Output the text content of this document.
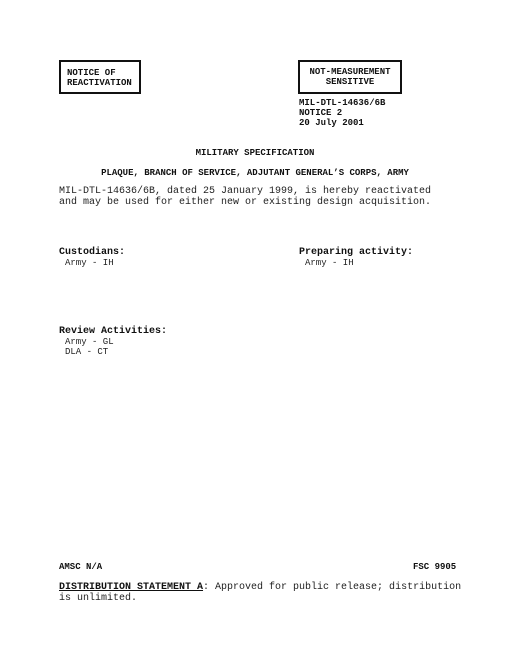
NOTICE OF
REACTIVATION
NOT-MEASUREMENT
SENSITIVE
MIL-DTL-14636/6B
NOTICE 2
20 July 2001
MILITARY SPECIFICATION
PLAQUE, BRANCH OF SERVICE, ADJUTANT GENERAL’S CORPS, ARMY
MIL-DTL-14636/6B, dated 25 January 1999, is hereby reactivated
and may be used for either new or existing design acquisition.
Custodians:
Army - IH
Preparing activity:
Army - IH
Review Activities:
Army - GL
DLA - CT
AMSC N/A	FSC 9905
DISTRIBUTION STATEMENT A: Approved for public release; distribution
is unlimited.
